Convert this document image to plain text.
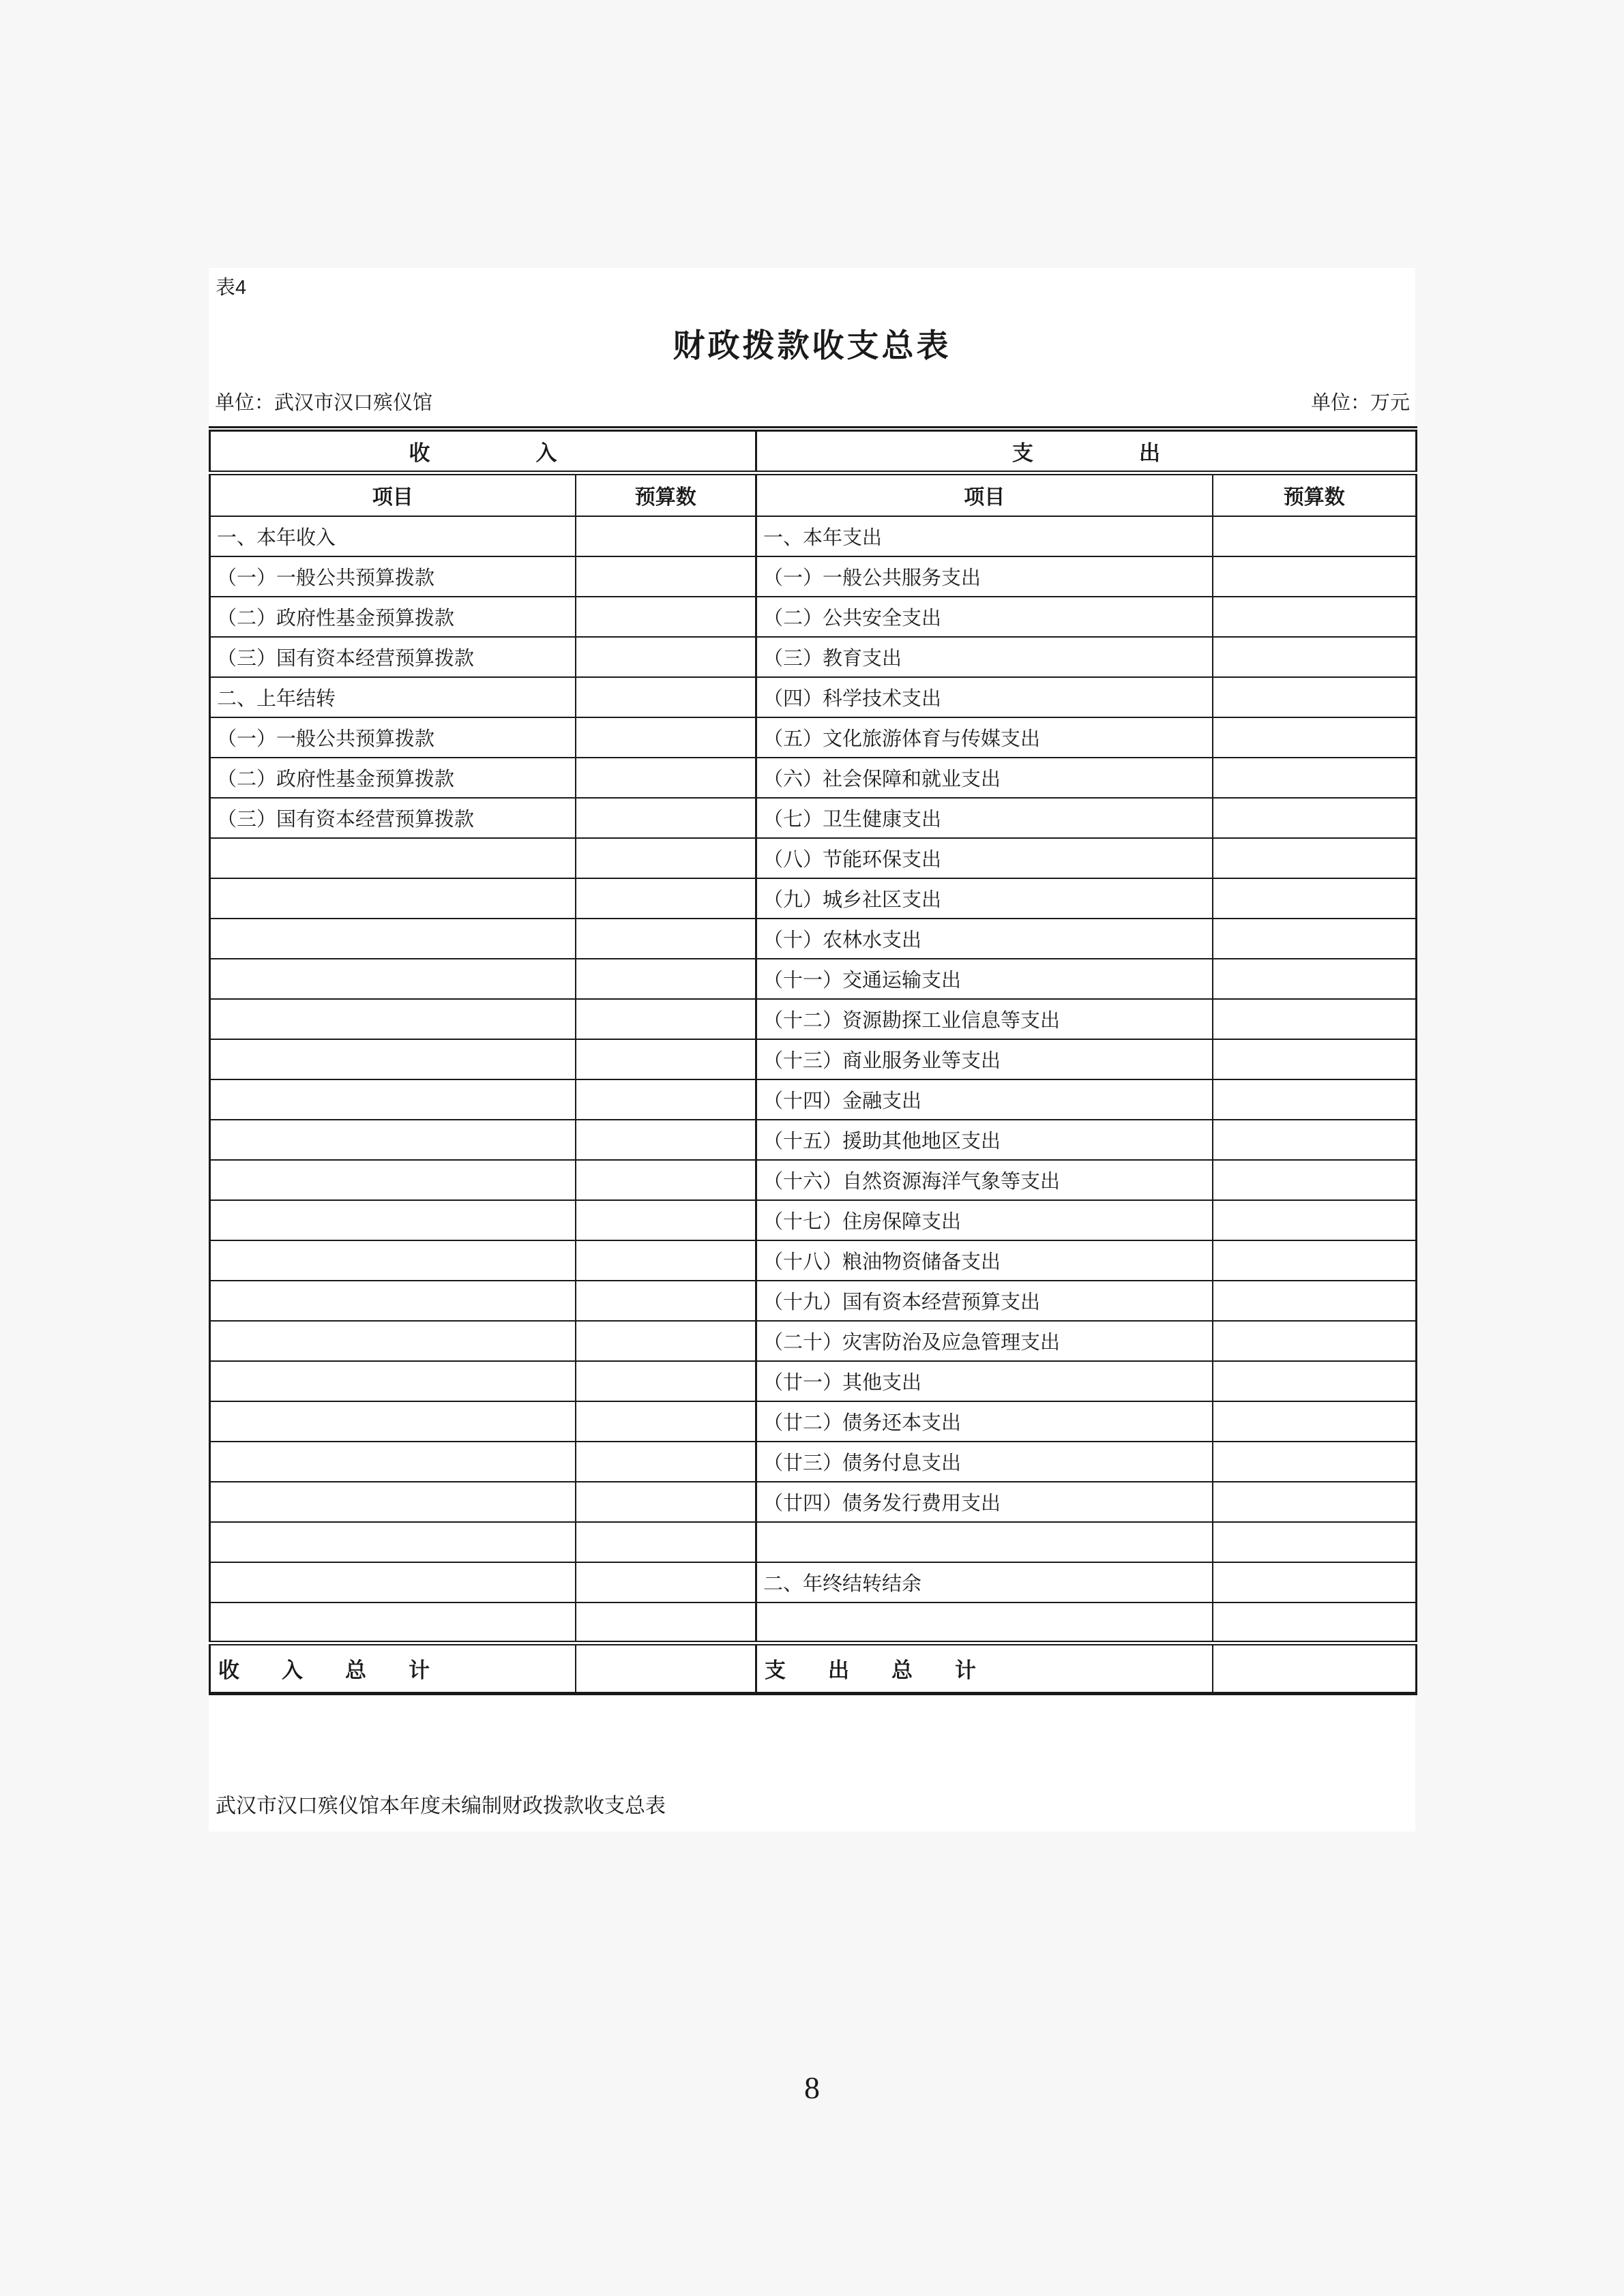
表4
财政拨款收支总表
单位：武汉市汉口殡仪馆	单位：万元
收　　　　　入		支　　　　　出	
项目	预算数	项目	预算数
一、本年收入		一、本年支出	
（一）一般公共预算拨款		（一）一般公共服务支出	
（二）政府性基金预算拨款		（二）公共安全支出	
（三）国有资本经营预算拨款		（三）教育支出	
二、上年结转		（四）科学技术支出	
（一）一般公共预算拨款		（五）文化旅游体育与传媒支出	
（二）政府性基金预算拨款		（六）社会保障和就业支出	
（三）国有资本经营预算拨款		（七）卫生健康支出	
		（八）节能环保支出	
		（九）城乡社区支出	
		（十）农林水支出	
		（十一）交通运输支出	
		（十二）资源勘探工业信息等支出	
		（十三）商业服务业等支出	
		（十四）金融支出	
		（十五）援助其他地区支出	
		（十六）自然资源海洋气象等支出	
		（十七）住房保障支出	
		（十八）粮油物资储备支出	
		（十九）国有资本经营预算支出	
		（二十）灾害防治及应急管理支出	
		（廿一）其他支出	
		（廿二）债务还本支出	
		（廿三）债务付息支出	
		（廿四）债务发行费用支出	

		二、年终结转结余	

收　　入　　总　　计		支　　出　　总　　计	
武汉市汉口殡仪馆本年度未编制财政拨款收支总表
8
